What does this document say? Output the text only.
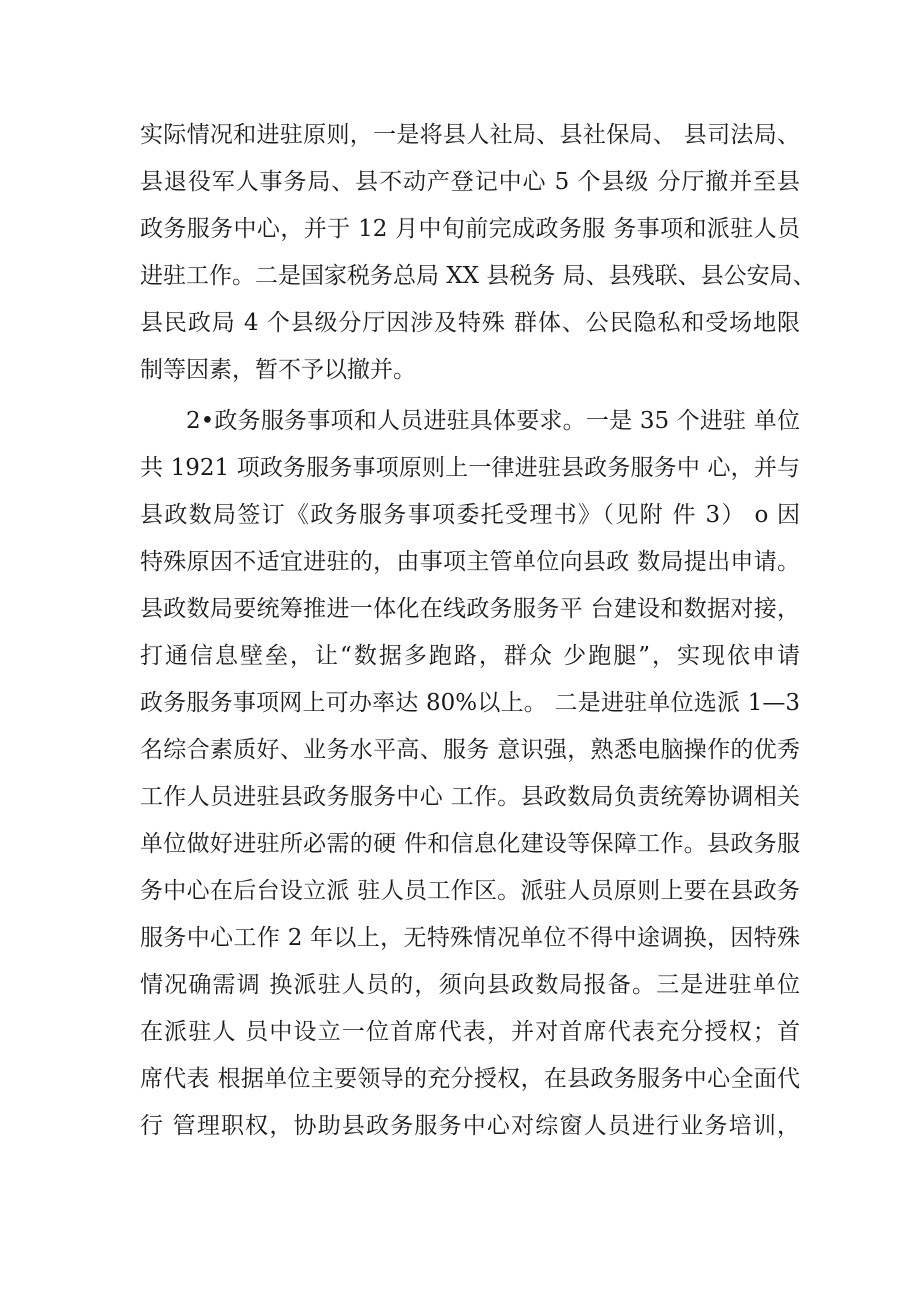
实际情况和进驻原则，一是将县人社局、县社保局、 县司法局、
县退役军人事务局、县不动产登记中心 5 个县级 分厅撤并至县
政务服务中心，并于 12 月中旬前完成政务服 务事项和派驻人员
进驻工作。二是国家税务总局 XX 县税务 局、县残联、县公安局、
县民政局 4 个县级分厅因涉及特殊 群体、公民隐私和受场地限
制等因素，暂不予以撤并。
2•政务服务事项和人员进驻具体要求。一是 35 个进驻 单位
共 1921 项政务服务事项原则上一律进驻县政务服务中 心，并与
县政数局签订《政务服务事项委托受理书》（见附 件 3） o 因
特殊原因不适宜进驻的，由事项主管单位向县政 数局提出申请。
县政数局要统筹推进一体化在线政务服务平 台建设和数据对接，
打通信息壁垒，让“数据多跑路，群众 少跑腿”，实现依申请
政务服务事项网上可办率达 80%以上。 二是进驻单位选派 1—3
名综合素质好、业务水平高、服务 意识强，熟悉电脑操作的优秀
工作人员进驻县政务服务中心 工作。县政数局负责统筹协调相关
单位做好进驻所必需的硬 件和信息化建设等保障工作。县政务服
务中心在后台设立派 驻人员工作区。派驻人员原则上要在县政务
服务中心工作 2 年以上，无特殊情况单位不得中途调换，因特殊
情况确需调 换派驻人员的，须向县政数局报备。三是进驻单位
在派驻人 员中设立一位首席代表，并对首席代表充分授权；首
席代表 根据单位主要领导的充分授权，在县政务服务中心全面代
行 管理职权，协助县政务服务中心对综窗人员进行业务培训，
